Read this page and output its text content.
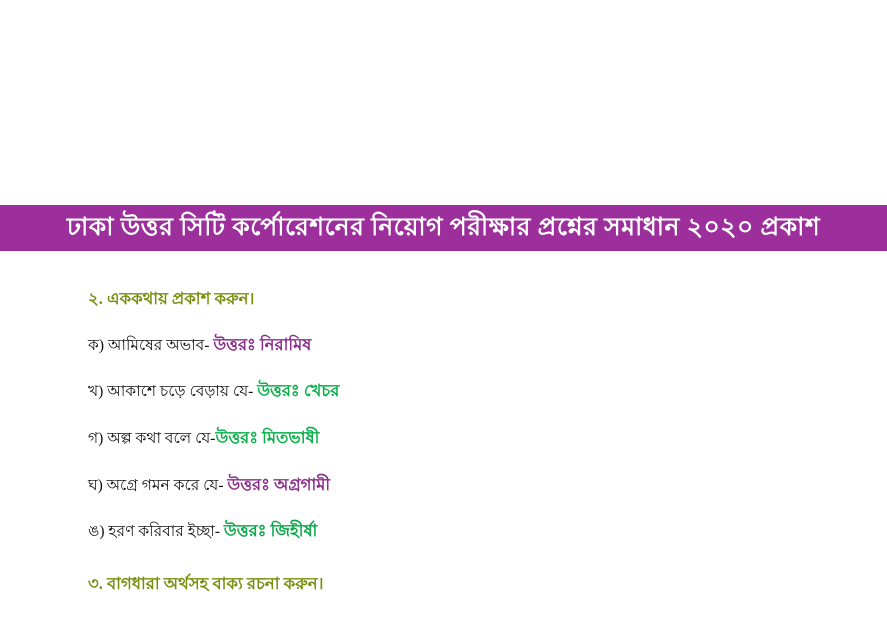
ঢাকা উত্তর সিটি কর্পোরেশনের নিয়োগ পরীক্ষার প্রশ্নের সমাধান ২০২০ প্রকাশ
২. এককথায় প্রকাশ করুন।
ক) আমিষের অভাব- উত্তরঃ নিরামিষ
খ) আকাশে চড়ে বেড়ায় যে- উত্তরঃ খেচর
গ) অল্প কথা বলে যে-উত্তরঃ মিতভাষী
ঘ) অগ্রে গমন করে যে- উত্তরঃ অগ্রগামী
ঙ) হরণ করিবার ইচ্ছা- উত্তরঃ জিহীর্ষা
৩. বাগধারা অর্থসহ বাক্য রচনা করুন।
